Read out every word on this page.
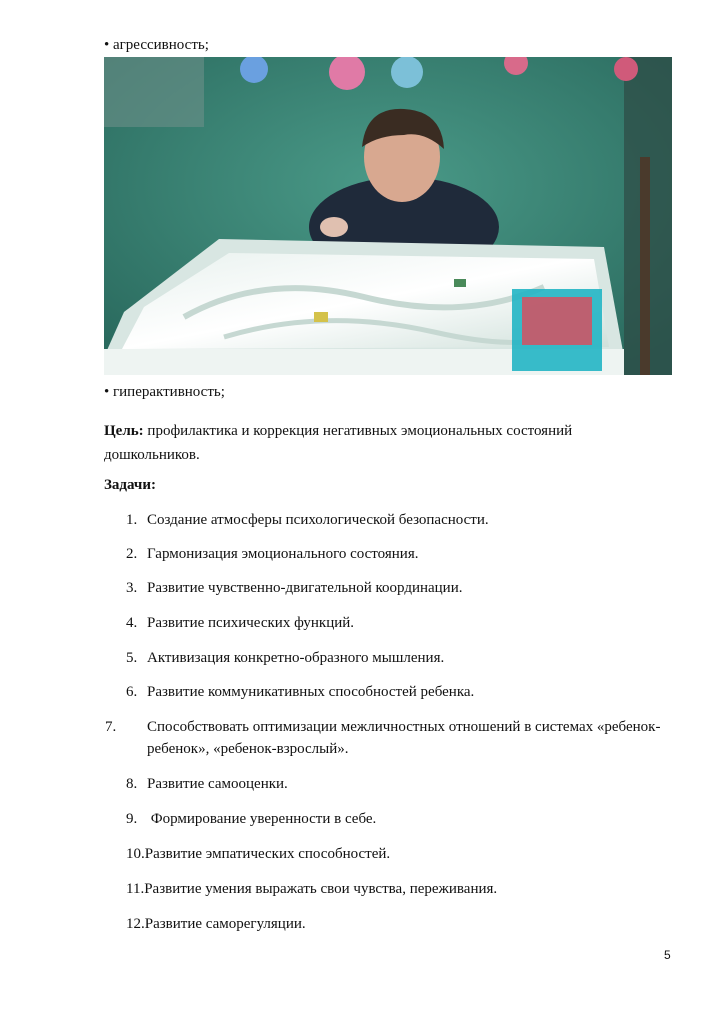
• агрессивность;
• гиперактивность;
Цель: профилактика и коррекция негативных эмоциональных состояний дошкольников.
Задачи:
1. Создание атмосферы психологической безопасности.
2. Гармонизация эмоционального состояния.
3. Развитие чувственно-двигательной координации.
4. Развитие психических функций.
5. Активизация конкретно-образного мышления.
6. Развитие коммуникативных способностей ребенка.
7. Способствовать оптимизации межличностных отношений в системах «ребенок-ребенок», «ребенок-взрослый».
8. Развитие самооценки.
9. Формирование уверенности в себе.
10.Развитие эмпатических способностей.
11.Развитие умения выражать свои чувства, переживания.
12.Развитие саморегуляции.
5
